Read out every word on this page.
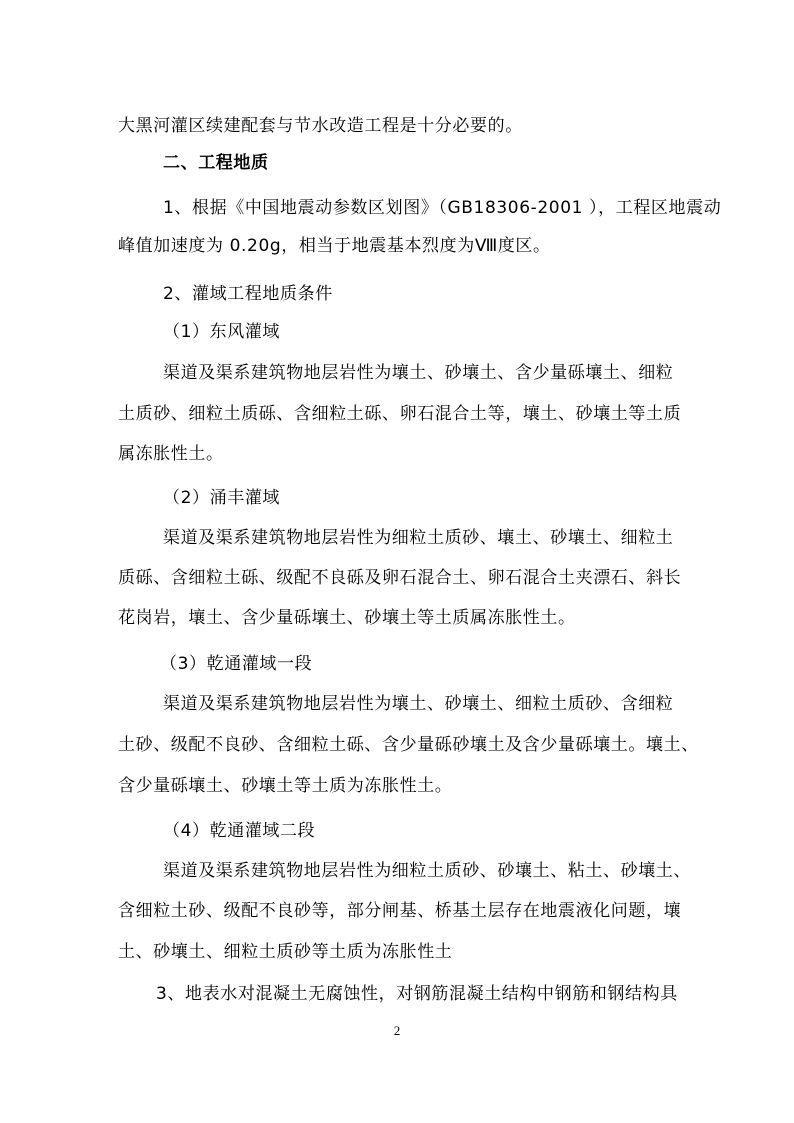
大黑河灌区续建配套与节水改造工程是十分必要的。
二、工程地质
1、根据《中国地震动参数区划图》（GB18306-2001 ），工程区地震动
峰值加速度为 0.20g，相当于地震基本烈度为Ⅷ度区。
2、灌域工程地质条件
（1）东风灌域
渠道及渠系建筑物地层岩性为壤土、砂壤土、含少量砾壤土、细粒
土质砂、细粒土质砾、含细粒土砾、卵石混合土等，壤土、砂壤土等土质
属冻胀性土。
（2）涌丰灌域
渠道及渠系建筑物地层岩性为细粒土质砂、壤土、砂壤土、细粒土
质砾、含细粒土砾、级配不良砾及卵石混合土、卵石混合土夹漂石、斜长
花岗岩，壤土、含少量砾壤土、砂壤土等土质属冻胀性土。
（3）乾通灌域一段
渠道及渠系建筑物地层岩性为壤土、砂壤土、细粒土质砂、含细粒
土砂、级配不良砂、含细粒土砾、含少量砾砂壤土及含少量砾壤土。壤土、
含少量砾壤土、砂壤土等土质为冻胀性土。
（4）乾通灌域二段
渠道及渠系建筑物地层岩性为细粒土质砂、砂壤土、粘土、砂壤土、
含细粒土砂、级配不良砂等，部分闸基、桥基土层存在地震液化问题，壤
土、砂壤土、细粒土质砂等土质为冻胀性土
3、地表水对混凝土无腐蚀性，对钢筋混凝土结构中钢筋和钢结构具
2
